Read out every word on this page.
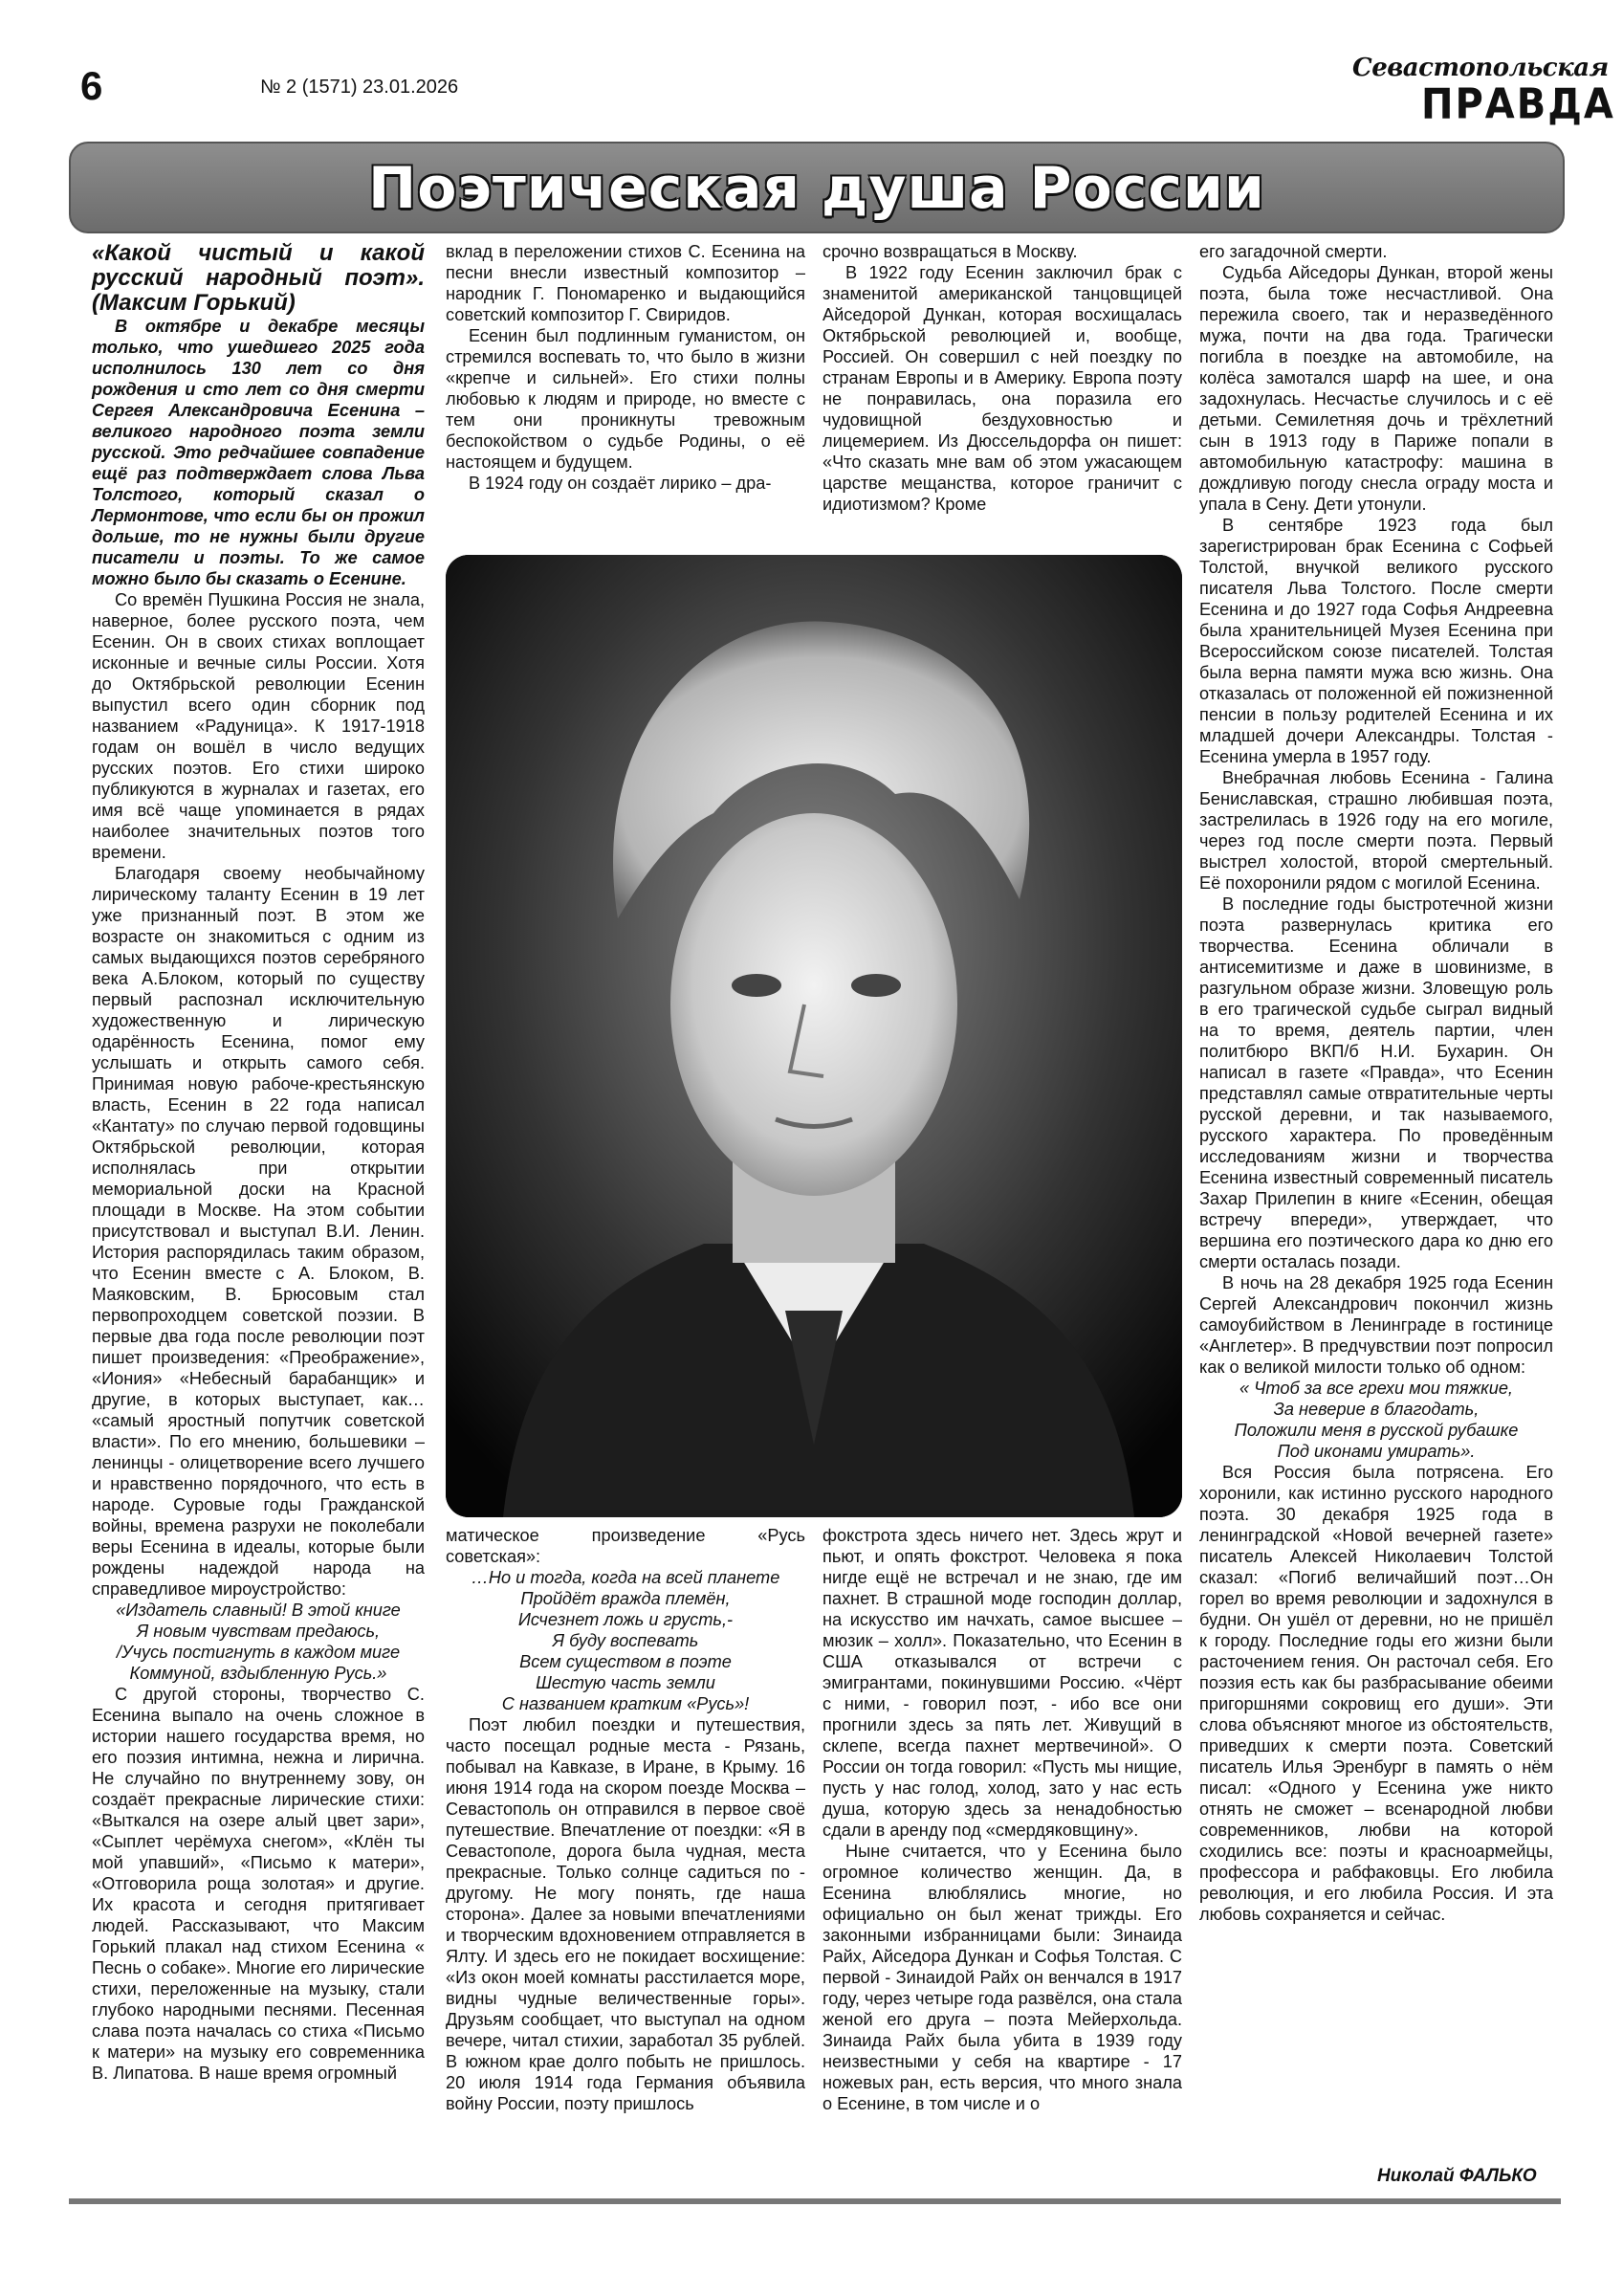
6	№ 2 (1571) 23.01.2026
Севастопольская
ПРАВДА
Поэтическая душа России

«Какой чистый и какой русский народный поэт». (Максим Горький)

В октябре и декабре месяцы только, что ушедшего 2025 года исполнилось 130 лет со дня рождения и сто лет со дня смерти Сергея Александровича Есенина – великого народного поэта земли русской. Это редчайшее совпадение ещё раз подтверждает слова Льва Толстого, который сказал о Лермонтове, что если бы он прожил дольше, то не нужны были другие писатели и поэты. То же самое можно было бы сказать о Есенине.

Со времён Пушкина Россия не знала, наверное, более русского поэта, чем Есенин. Он в своих стихах воплощает исконные и вечные силы России. Хотя до Октябрьской революции Есенин выпустил всего один сборник под названием «Радуница». К 1917-1918 годам он вошёл в число ведущих русских поэтов. Его стихи широко публикуются в журналах и газетах, его имя всё чаще упоминается в рядах наиболее значительных поэтов того времени.

Благодаря своему необычайному лирическому таланту Есенин в 19 лет уже признанный поэт. В этом же возрасте он знакомиться с одним из самых выдающихся поэтов серебряного века А.Блоком, который по существу первый распознал исключительную художественную и лирическую одарённость Есенина, помог ему услышать и открыть самого себя. Принимая новую рабоче-крестьянскую власть, Есенин в 22 года написал «Кантату» по случаю первой годовщины Октябрьской революции, которая исполнялась при открытии мемориальной доски на Красной площади в Москве. На этом событии присутствовал и выступал В.И. Ленин. История распорядилась таким образом, что Есенин вместе с А. Блоком, В. Маяковским, В. Брюсовым стал первопроходцем советской поэзии. В первые два года после революции поэт пишет произведения: «Преображение», «Иония» «Небесный барабанщик» и другие, в которых выступает, как… «самый яростный попутчик советской власти». По его мнению, большевики – ленинцы - олицетворение всего лучшего и нравственно порядочного, что есть в народе. Суровые годы Гражданской войны, времена разрухи не поколебали веры Есенина в идеалы, которые были рождены надеждой народа на справедливое мироустройство:

«Издатель славный! В этой книге

Я новым чувствам предаюсь,

/Учусь постигнуть в каждом миге

Коммуной, вздыбленную Русь.»

С другой стороны, творчество С. Есенина выпало на очень сложное в истории нашего государства время, но его поэзия интимна, нежна и лирична. Не случайно по внутреннему зову, он создаёт прекрасные лирические стихи: «Выткался на озере алый цвет зари», «Сыплет черёмуха снегом», «Клён ты мой упавший», «Письмо к матери», «Отговорила роща золотая» и другие. Их красота и сегодня притягивает людей. Рассказывают, что Максим Горький плакал над стихом Есенина « Песнь о собаке». Многие его лирические стихи, переложенные на музыку, стали глубоко народными песнями. Песенная слава поэта началась со стиха «Письмо к матери» на музыку его современника В. Липатова. В наше время огромный

вклад в переложении стихов С. Есенина на песни внесли известный композитор – народник Г. Пономаренко и выдающийся советский композитор Г. Свиридов.

Есенин был подлинным гуманистом, он стремился воспевать то, что было в жизни «крепче и сильней». Его стихи полны любовью к людям и природе, но вместе с тем они проникнуты тревожным беспокойством о судьбе Родины, о её настоящем и будущем.

В 1924 году он создаёт лирико – дра-

срочно возвращаться в Москву.

В 1922 году Есенин заключил брак с знаменитой американской танцовщицей Айседорой Дункан, которая восхищалась Октябрьской революцией и, вообще, Россией. Он совершил с ней поездку по странам Европы и в Америку. Европа поэту не понравилась, она поразила его чудовищной бездуховностью и лицемерием. Из Дюссельдорфа он пишет: «Что сказать мне вам об этом ужасающем царстве мещанства, которое граничит с идиотизмом? Кроме

матическое произведение «Русь советская»:

…Но и тогда, когда на всей планете

Пройдёт вражда племён,

Исчезнет ложь и грусть,-

Я буду воспевать

Всем существом в поэте

Шестую часть земли

С названием кратким «Русь»!

Поэт любил поездки и путешествия, часто посещал родные места - Рязань, побывал на Кавказе, в Иране, в Крыму. 16 июня 1914 года на скором поезде Москва – Севастополь он отправился в первое своё путешествие. Впечатление от поездки: «Я в Севастополе, дорога была чудная, места прекрасные. Только солнце садиться по - другому. Не могу понять, где наша сторона». Далее за новыми впечатлениями и творческим вдохновением отправляется в Ялту. И здесь его не покидает восхищение: «Из окон моей комнаты расстилается море, видны чудные величественные горы». Друзьям сообщает, что выступал на одном вечере, читал стихии, заработал 35 рублей. В южном крае долго побыть не пришлось. 20 июля 1914 года Германия объявила войну России, поэту пришлось

фокстрота здесь ничего нет. Здесь жрут и пьют, и опять фокстрот. Человека я пока нигде ещё не встречал и не знаю, где им пахнет. В страшной моде господин доллар, на искусство им начхать, самое высшее – мюзик – холл». Показательно, что Есенин в США отказывался от встречи с эмигрантами, покинувшими Россию. «Чёрт с ними, - говорил поэт, - ибо все они прогнили здесь за пять лет. Живущий в склепе, всегда пахнет мертвечиной». О России он тогда говорил: «Пусть мы нищие, пусть у нас голод, холод, зато у нас есть душа, которую здесь за ненадобностью сдали в аренду под «смердяковщину».

Ныне считается, что у Есенина было огромное количество женщин. Да, в Есенина влюблялись многие, но официально он был женат трижды. Его законными избранницами были: Зинаида Райх, Айседора Дункан и Софья Толстая. С первой - Зинаидой Райх он венчался в 1917 году, через четыре года развёлся, она стала женой его друга – поэта Мейерхольда. Зинаида Райх была убита в 1939 году неизвестными у себя на квартире - 17 ножевых ран, есть версия, что много знала о Есенине, в том числе и о

его загадочной смерти.

Судьба Айседоры Дункан, второй жены поэта, была тоже несчастливой. Она пережила своего, так и неразведённого мужа, почти на два года. Трагически погибла в поездке на автомобиле, на колёса замотался шарф на шее, и она задохнулась. Несчастье случилось и с её детьми. Семилетняя дочь и трёхлетний сын в 1913 году в Париже попали в автомобильную катастрофу: машина в дождливую погоду снесла ограду моста и упала в Сену. Дети утонули.

В сентябре 1923 года был зарегистрирован брак Есенина с Софьей Толстой, внучкой великого русского писателя Льва Толстого. После смерти Есенина и до 1927 года Софья Андреевна была хранительницей Музея Есенина при Всероссийском союзе писателей. Толстая была верна памяти мужа всю жизнь. Она отказалась от положенной ей пожизненной пенсии в пользу родителей Есенина и их младшей дочери Александры. Толстая - Есенина умерла в 1957 году.

Внебрачная любовь Есенина - Галина Бениславская, страшно любившая поэта, застрелилась в 1926 году на его могиле, через год после смерти поэта. Первый выстрел холостой, второй смертельный. Её похоронили рядом с могилой Есенина.

В последние годы быстротечной жизни поэта развернулась критика его творчества. Есенина обличали в антисемитизме и даже в шовинизме, в разгульном образе жизни. Зловещую роль в его трагической судьбе сыграл видный на то время, деятель партии, член политбюро ВКП/б Н.И. Бухарин. Он написал в газете «Правда», что Есенин представлял самые отвратительные черты русской деревни, и так называемого, русского характера. По проведённым исследованиям жизни и творчества Есенина известный современный писатель Захар Прилепин в книге «Есенин, обещая встречу впереди», утверждает, что вершина его поэтического дара ко дню его смерти осталась позади.

В ночь на 28 декабря 1925 года Есенин Сергей Александрович покончил жизнь самоубийством в Ленинграде в гостинице «Англетер». В предчувствии поэт попросил как о великой милости только об одном:

« Чтоб за все грехи мои тяжкие,

За неверие в благодать,

Положили меня в русской рубашке

Под иконами умирать».

Вся Россия была потрясена. Его хоронили, как истинно русского народного поэта. 30 декабря 1925 года в ленинградской «Новой вечерней газете» писатель Алексей Николаевич Толстой сказал: «Погиб величайший поэт…Он горел во время революции и задохнулся в будни. Он ушёл от деревни, но не пришёл к городу. Последние годы его жизни были расточением гения. Он расточал себя. Его поэзия есть как бы разбрасывание обеими пригоршнями сокровищ его души». Эти слова объясняют многое из обстоятельств, приведших к смерти поэта. Советский писатель Илья Эренбург в память о нём писал: «Одного у Есенина уже никто отнять не сможет – всенародной любви современников, любви на которой сходились все: поэты и красноармейцы, профессора и рабфаковцы. Его любила революция, и его любила Россия. И эта любовь сохраняется и сейчас.

Николай ФАЛЬКО
